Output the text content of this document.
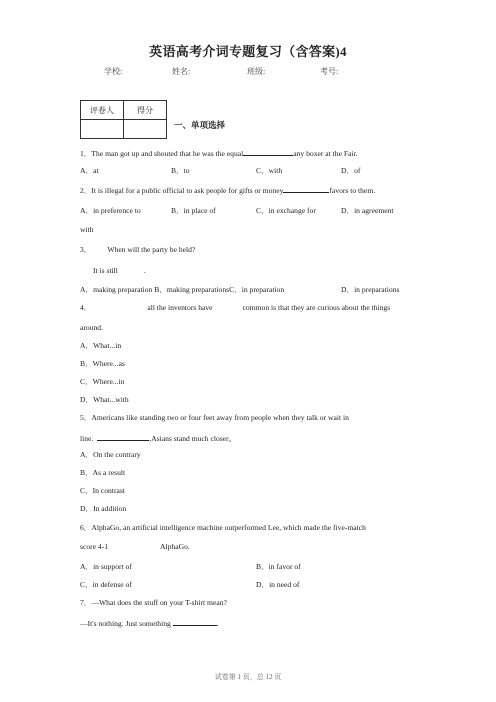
英语高考介词专题复习（含答案)4
学校:	姓名:	班级:	考号:
评卷人	得分

一、单项选择
1．The man got up and shouted that he was the equal	any boxer at the Fair.
A．at	B．to	C．with	D．of
2．It is illegal for a public official to ask people for gifts or money	favors to them.
A．in preference to	B．in place of	C．in exchange for	D．in agreement
with
3． When will the party be held?
It is still	.
A．making preparation B．making preparationsC．in preparation	D．in preparations
4．	all the inventors have	common is that they are curious about the things
around.
A．What...in
B．Where...as
C．Where...in
D．What...with
5．Americans like standing two or four feet away from people when they talk or wait in
line.	,Asians stand much closer。
A．On the contrary
B．As a result
C．In contrast
D．In addition
6．AlphaGo, an artificial intelligence machine outperformed Lee, which made the five-match
score 4-1	AlphaGo.
A．in support of	B．in favor of
C．in defense of	D．in need of
7．—What does the stuff on your T-shirt mean?
—It's nothing. Just something	.
试卷第 1 页，总 12 页
